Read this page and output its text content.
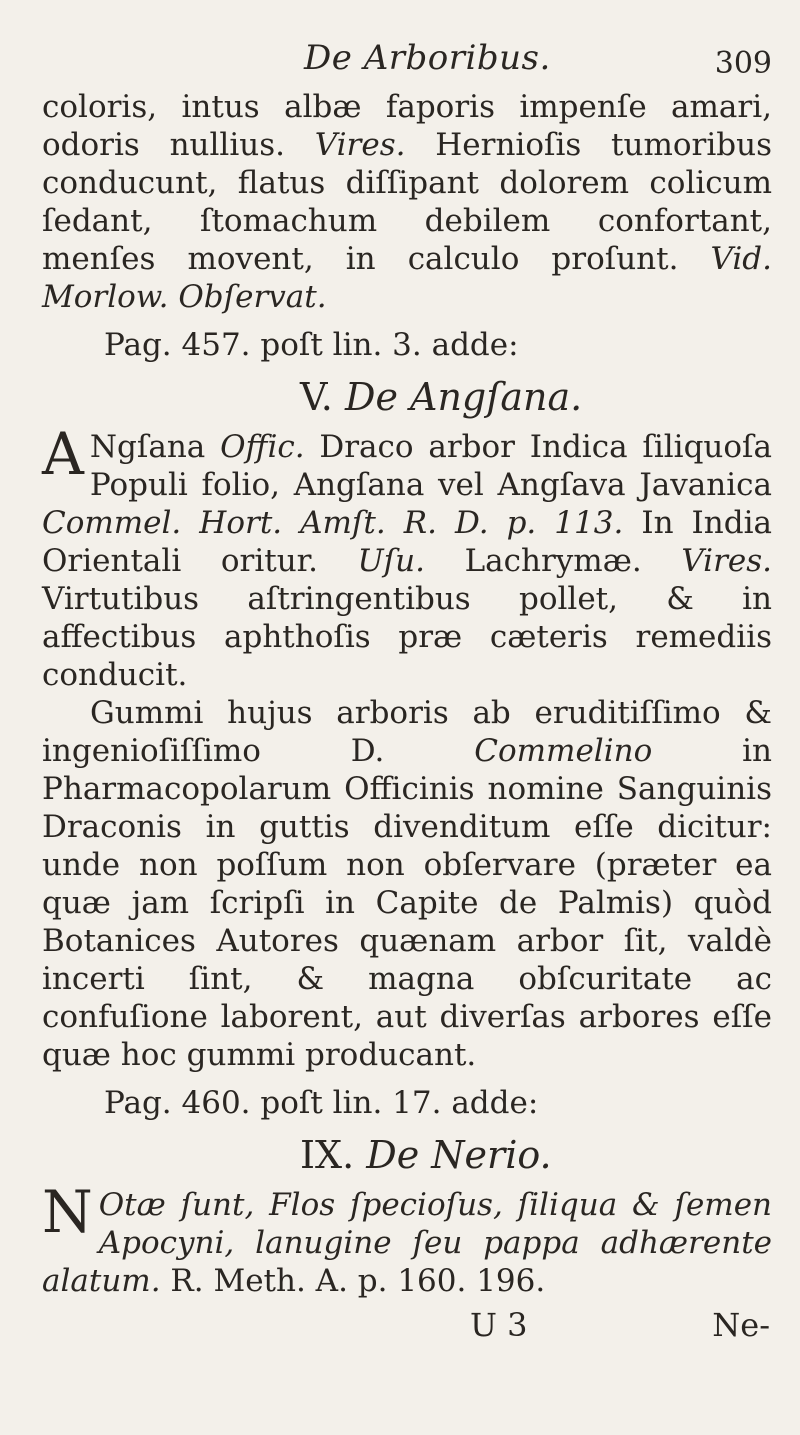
De Arboribus.	309

coloris, intus albæ faporis impenſe amari, odoris nullius. Vires. Hernioſis tumoribus conducunt, flatus diſſipant dolorem colicum ſedant, ſtomachum debilem confortant, menſes movent, in calculo proſunt. Vid. Morlow. Obſervat.

Pag. 457. poſt lin. 3. adde:

V. De Angſana.

A Ngſana Offic. Draco arbor Indica ſiliquoſa Populi folio, Angſana vel Angſava Javanica Commel. Hort. Amſt. R. D. p. 113. In India Orientali oritur. Uſu. Lachrymæ. Vires. Virtutibus aſtringentibus pollet, & in affectibus aphthoſis præ cæteris remediis conducit.

Gummi hujus arboris ab eruditiſſimo & ingenioſiſſimo D. Commelino in Pharmacopolarum Officinis nomine Sanguinis Draconis in guttis divenditum eſſe dicitur: unde non poſſum non obſervare (præter ea quæ jam ſcripſi in Capite de Palmis) quòd Botanices Autores quænam arbor ſit, valdè incerti ſint, & magna obſcuritate ac confuſione laborent, aut diverſas arbores eſſe quæ hoc gummi producant.

Pag. 460. poſt lin. 17. adde:

IX. De Nerio.

N Otæ ſunt, Flos ſpecioſus, ſiliqua & ſemen Apocyni, lanugine ſeu pappa adhærente alatum. R. Meth. A. p. 160. 196.

U 3	Ne-
